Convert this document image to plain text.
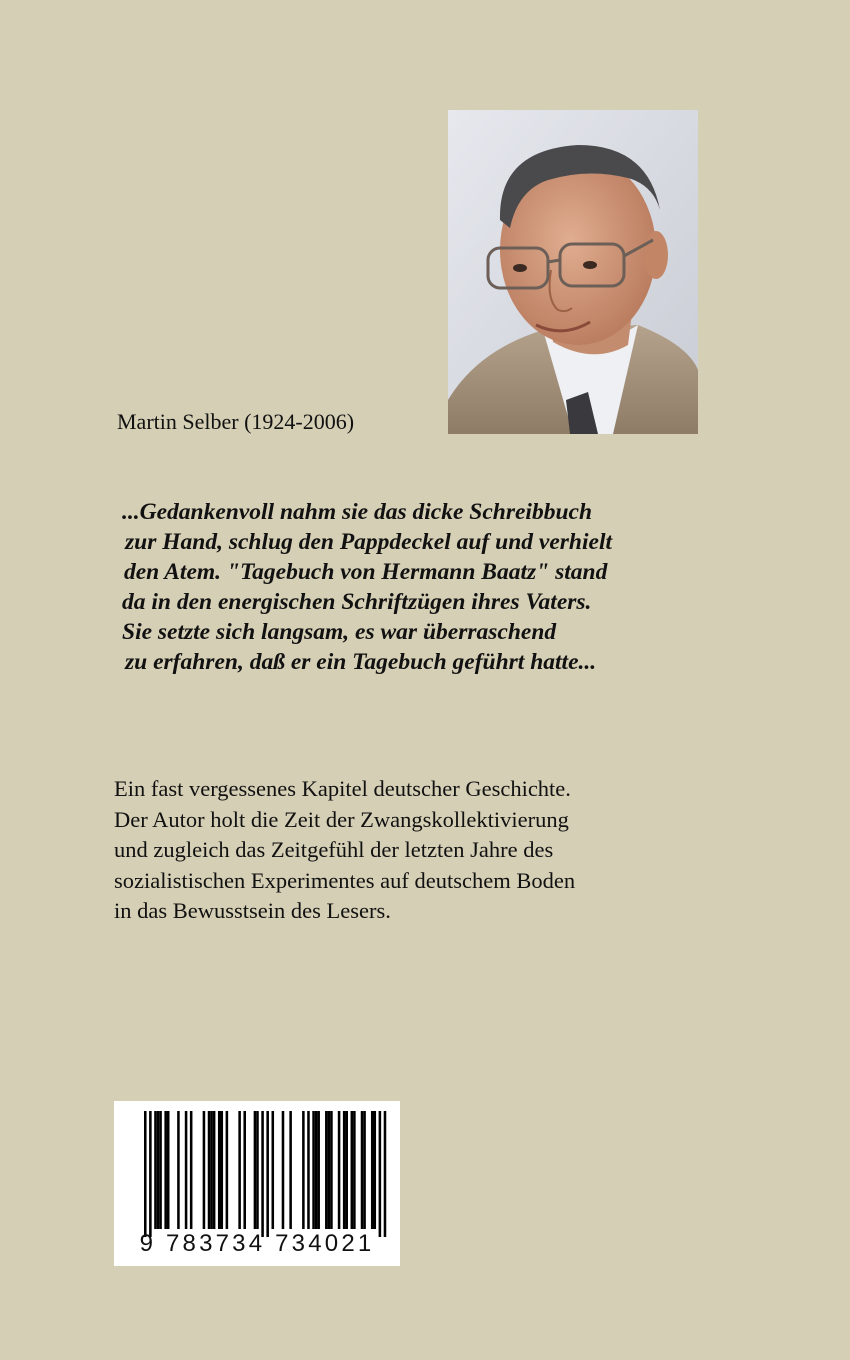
Martin Selber (1924-2006)

...Gedankenvoll nahm sie das dicke Schreibbuch
zur Hand, schlug den Pappdeckel auf und verhielt
den Atem. "Tagebuch von Hermann Baatz" stand
da in den energischen Schriftzügen ihres Vaters.
Sie setzte sich langsam, es war überraschend
zu erfahren, daß er ein Tagebuch geführt hatte...

Ein fast vergessenes Kapitel deutscher Geschichte.
Der Autor holt die Zeit der Zwangskollektivierung
und zugleich das Zeitgefühl der letzten Jahre des
sozialistischen Experimentes auf deutschem Boden
in das Bewusstsein des Lesers.

9 783734 734021
